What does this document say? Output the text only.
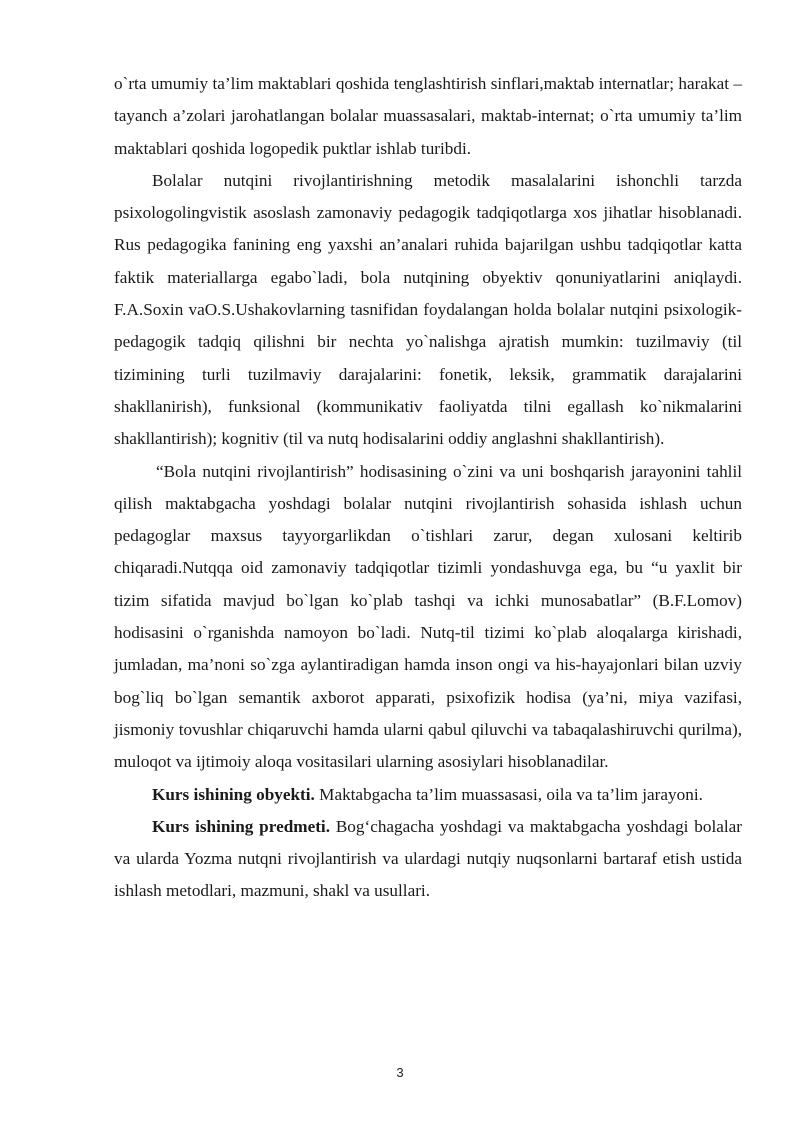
o`rta umumiy ta’lim maktablari qoshida tenglashtirish sinflari,maktab internatlar; harakat – tayanch a’zolari jarohatlangan bolalar muassasalari, maktab-internat; o`rta umumiy ta’lim maktablari qoshida logopedik puktlar ishlab turibdi.

Bolalar nutqini rivojlantirishning metodik masalalarini ishonchli tarzda psixologolingvistik asoslash zamonaviy pedagogik tadqiqotlarga xos jihatlar hisoblanadi. Rus pedagogika fanining eng yaxshi an’analari ruhida bajarilgan ushbu tadqiqotlar katta faktik materiallarga egabo`ladi, bola nutqining obyektiv qonuniyatlarini aniqlaydi. F.A.Soxin vaO.S.Ushakovlarning tasnifidan foydalangan holda bolalar nutqini psixologik-pedagogik tadqiq qilishni bir nechta yo`nalishga ajratish mumkin: tuzilmaviy (til tizimining turli tuzilmaviy darajalarini: fonetik, leksik, grammatik darajalarini shakllanirish), funksional (kommunikativ faoliyatda tilni egallash ko`nikmalarini shakllantirish); kognitiv (til va nutq hodisalarini oddiy anglashni shakllantirish).

“Bola nutqini rivojlantirish” hodisasining o`zini va uni boshqarish jarayonini tahlil qilish maktabgacha yoshdagi bolalar nutqini rivojlantirish sohasida ishlash uchun pedagoglar maxsus tayyorgarlikdan o`tishlari zarur, degan xulosani keltirib chiqaradi.Nutqqa oid zamonaviy tadqiqotlar tizimli yondashuvga ega, bu “u yaxlit bir tizim sifatida mavjud bo`lgan ko`plab tashqi va ichki munosabatlar” (B.F.Lomov) hodisasini o`rganishda namoyon bo`ladi. Nutq-til tizimi ko`plab aloqalarga kirishadi, jumladan, ma’noni so`zga aylantiradigan hamda inson ongi va his-hayajonlari bilan uzviy bog`liq bo`lgan semantik axborot apparati, psixofizik hodisa (ya’ni, miya vazifasi, jismoniy tovushlar chiqaruvchi hamda ularni qabul qiluvchi va tabaqalashiruvchi qurilma), muloqot va ijtimoiy aloqa vositasilari ularning asosiylari hisoblanadilar.

Kurs ishining obyekti. Maktabgacha ta’lim muassasasi, oila va ta’lim jarayoni.

Kurs ishining predmeti. Bog‘chagacha yoshdagi va maktabgacha yoshdagi bolalar va ularda Yozma nutqni rivojlantirish va ulardagi nutqiy nuqsonlarni bartaraf etish ustida ishlash metodlari, mazmuni, shakl va usullari.

3
